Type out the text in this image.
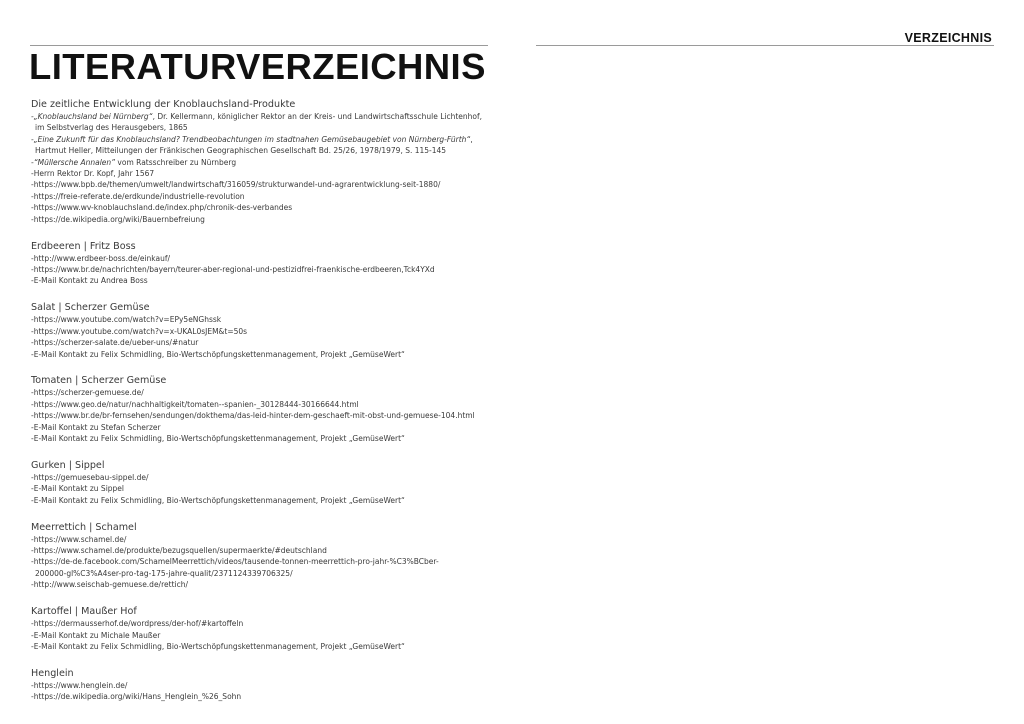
VERZEICHNIS
LITERATURVERZEICHNIS
Die zeitliche Entwicklung der Knoblauchsland-Produkte
-„Knoblauchsland bei Nürnberg“, Dr. Kellermann, königlicher Rektor an der Kreis- und Landwirtschaftsschule Lichtenhof,
im Selbstverlag des Herausgebers, 1865
-„Eine Zukunft für das Knoblauchsland? Trendbeobachtungen im stadtnahen Gemüsebaugebiet von Nürnberg-Fürth“,
Hartmut Heller, Mitteilungen der Fränkischen Geographischen Gesellschaft Bd. 25/26, 1978/1979, S. 115-145
-“Müllersche Annalen” vom Ratsschreiber zu Nürnberg
-Herrn Rektor Dr. Kopf, Jahr 1567
-https://www.bpb.de/themen/umwelt/landwirtschaft/316059/strukturwandel-und-agrarentwicklung-seit-1880/
-https://freie-referate.de/erdkunde/industrielle-revolution
-https://www.wv-knoblauchsland.de/index.php/chronik-des-verbandes
-https://de.wikipedia.org/wiki/Bauernbefreiung
Erdbeeren | Fritz Boss
-http://www.erdbeer-boss.de/einkauf/
-https://www.br.de/nachrichten/bayern/teurer-aber-regional-und-pestizidfrei-fraenkische-erdbeeren,Tck4YXd
-E-Mail Kontakt zu Andrea Boss
Salat | Scherzer Gemüse
-https://www.youtube.com/watch?v=EPy5eNGhssk
-https://www.youtube.com/watch?v=x-UKAL0sJEM&t=50s
-https://scherzer-salate.de/ueber-uns/#natur
-E-Mail Kontakt zu Felix Schmidling, Bio-Wertschöpfungskettenmanagement, Projekt „GemüseWert“
Tomaten | Scherzer Gemüse
-https://scherzer-gemuese.de/
-https://www.geo.de/natur/nachhaltigkeit/tomaten--spanien-_30128444-30166644.html
-https://www.br.de/br-fernsehen/sendungen/dokthema/das-leid-hinter-dem-geschaeft-mit-obst-und-gemuese-104.html
-E-Mail Kontakt zu Stefan Scherzer
-E-Mail Kontakt zu Felix Schmidling, Bio-Wertschöpfungskettenmanagement, Projekt „GemüseWert“
Gurken | Sippel
-https://gemuesebau-sippel.de/
-E-Mail Kontakt zu Sippel
-E-Mail Kontakt zu Felix Schmidling, Bio-Wertschöpfungskettenmanagement, Projekt „GemüseWert“
Meerrettich | Schamel
-https://www.schamel.de/
-https://www.schamel.de/produkte/bezugsquellen/supermaerkte/#deutschland
-https://de-de.facebook.com/SchamelMeerrettich/videos/tausende-tonnen-meerrettich-pro-jahr-%C3%BCber-
200000-gl%C3%A4ser-pro-tag-175-jahre-qualit/2371124339706325/
-http://www.seischab-gemuese.de/rettich/
Kartoffel | Maußer Hof
-https://dermausserhof.de/wordpress/der-hof/#kartoffeln
-E-Mail Kontakt zu Michale Maußer
-E-Mail Kontakt zu Felix Schmidling, Bio-Wertschöpfungskettenmanagement, Projekt „GemüseWert“
Henglein
-https://www.henglein.de/
-https://de.wikipedia.org/wiki/Hans_Henglein_%26_Sohn
